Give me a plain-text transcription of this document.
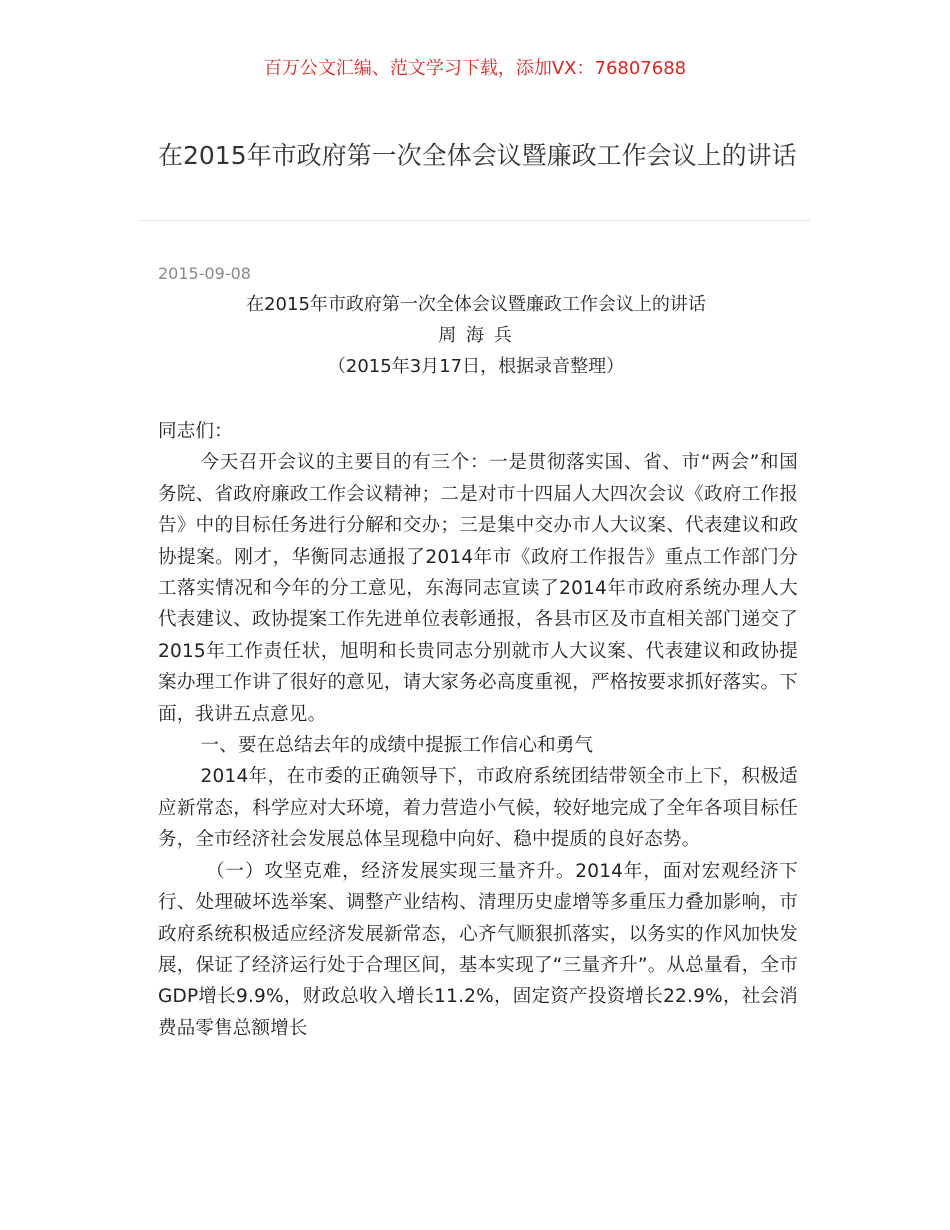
百万公文汇编、范文学习下载，添加VX：76807688
在2015年市政府第一次全体会议暨廉政工作会议上的讲话
2015-09-08
在2015年市政府第一次全体会议暨廉政工作会议上的讲话
周 海 兵
（2015年3月17日，根据录音整理）

同志们：

今天召开会议的主要目的有三个：一是贯彻落实国、省、市“两会”和国务院、省政府廉政工作会议精神；二是对市十四届人大四次会议《政府工作报告》中的目标任务进行分解和交办；三是集中交办市人大议案、代表建议和政协提案。刚才，华衡同志通报了2014年市《政府工作报告》重点工作部门分工落实情况和今年的分工意见，东海同志宣读了2014年市政府系统办理人大代表建议、政协提案工作先进单位表彰通报，各县市区及市直相关部门递交了2015年工作责任状，旭明和长贵同志分别就市人大议案、代表建议和政协提案办理工作讲了很好的意见，请大家务必高度重视，严格按要求抓好落实。下面，我讲五点意见。

一、要在总结去年的成绩中提振工作信心和勇气

2014年，在市委的正确领导下，市政府系统团结带领全市上下，积极适应新常态，科学应对大环境，着力营造小气候，较好地完成了全年各项目标任务，全市经济社会发展总体呈现稳中向好、稳中提质的良好态势。

（一）攻坚克难，经济发展实现三量齐升。2014年，面对宏观经济下行、处理破坏选举案、调整产业结构、清理历史虚增等多重压力叠加影响，市政府系统积极适应经济发展新常态，心齐气顺狠抓落实，以务实的作风加快发展，保证了经济运行处于合理区间，基本实现了“三量齐升”。从总量看，全市GDP增长9.9%，财政总收入增长11.2%，固定资产投资增长22.9%，社会消费品零售总额增长
